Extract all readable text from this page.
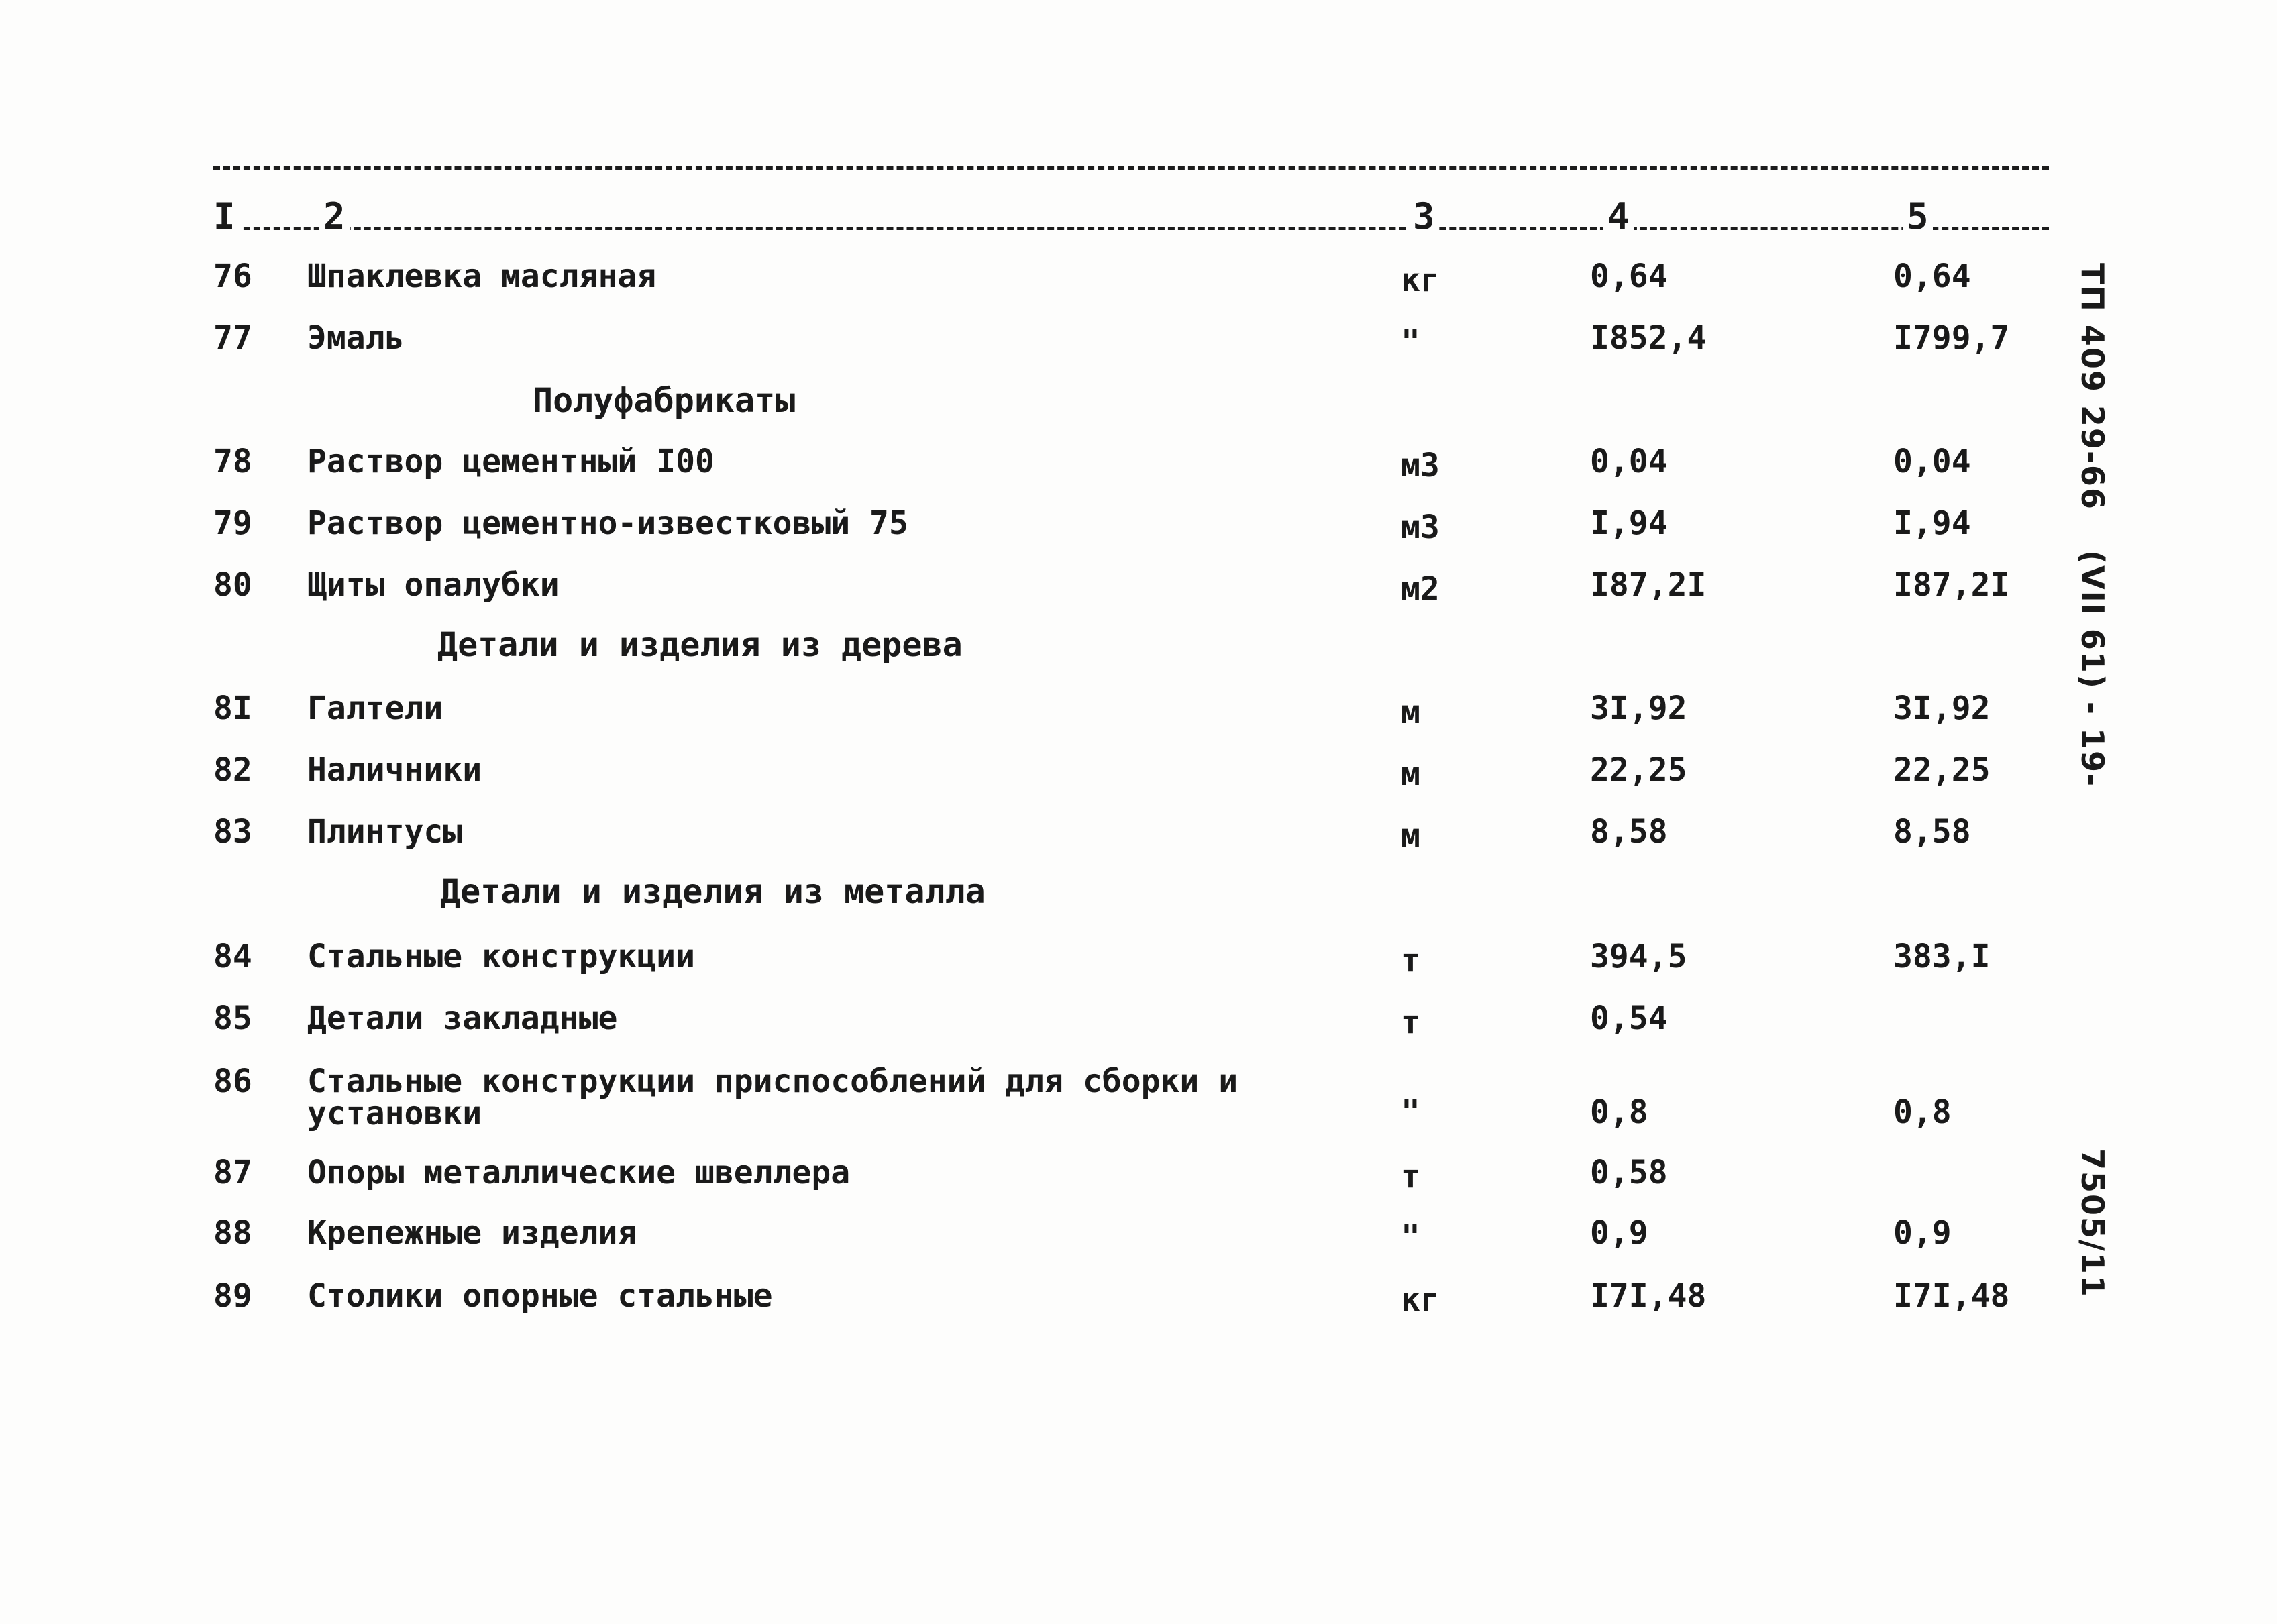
I 2	3	4	5
76 Шпаклевка масляная	кг	0,64	0,64
77 Эмаль	"	I852,4	I799,7
Полуфабрикаты
78 Раствор цементный I00	м3	0,04	0,04
79 Раствор цементно-известковый 75	м3	I,94	I,94
80 Щиты опалубки	м2	I87,2I	I87,2I
Детали и изделия из дерева
8I Галтели	м	3I,92	3I,92
82 Наличники	м	22,25	22,25
83 Плинтусы	м	8,58	8,58
Детали и изделия из металла
84 Стальные конструкции	т	394,5	383,I
85 Детали закладные	т	0,54
86 Стальные конструкции приспособлений для сборки и установки	"	0,8	0,8
87 Опоры металлические швеллера	т	0,58
88 Крепежные изделия	"	0,9	0,9
89 Столики опорные стальные	кг	I7I,48	I7I,48
ТП 409 29-66
(VII 61) - 19-
7505/11
